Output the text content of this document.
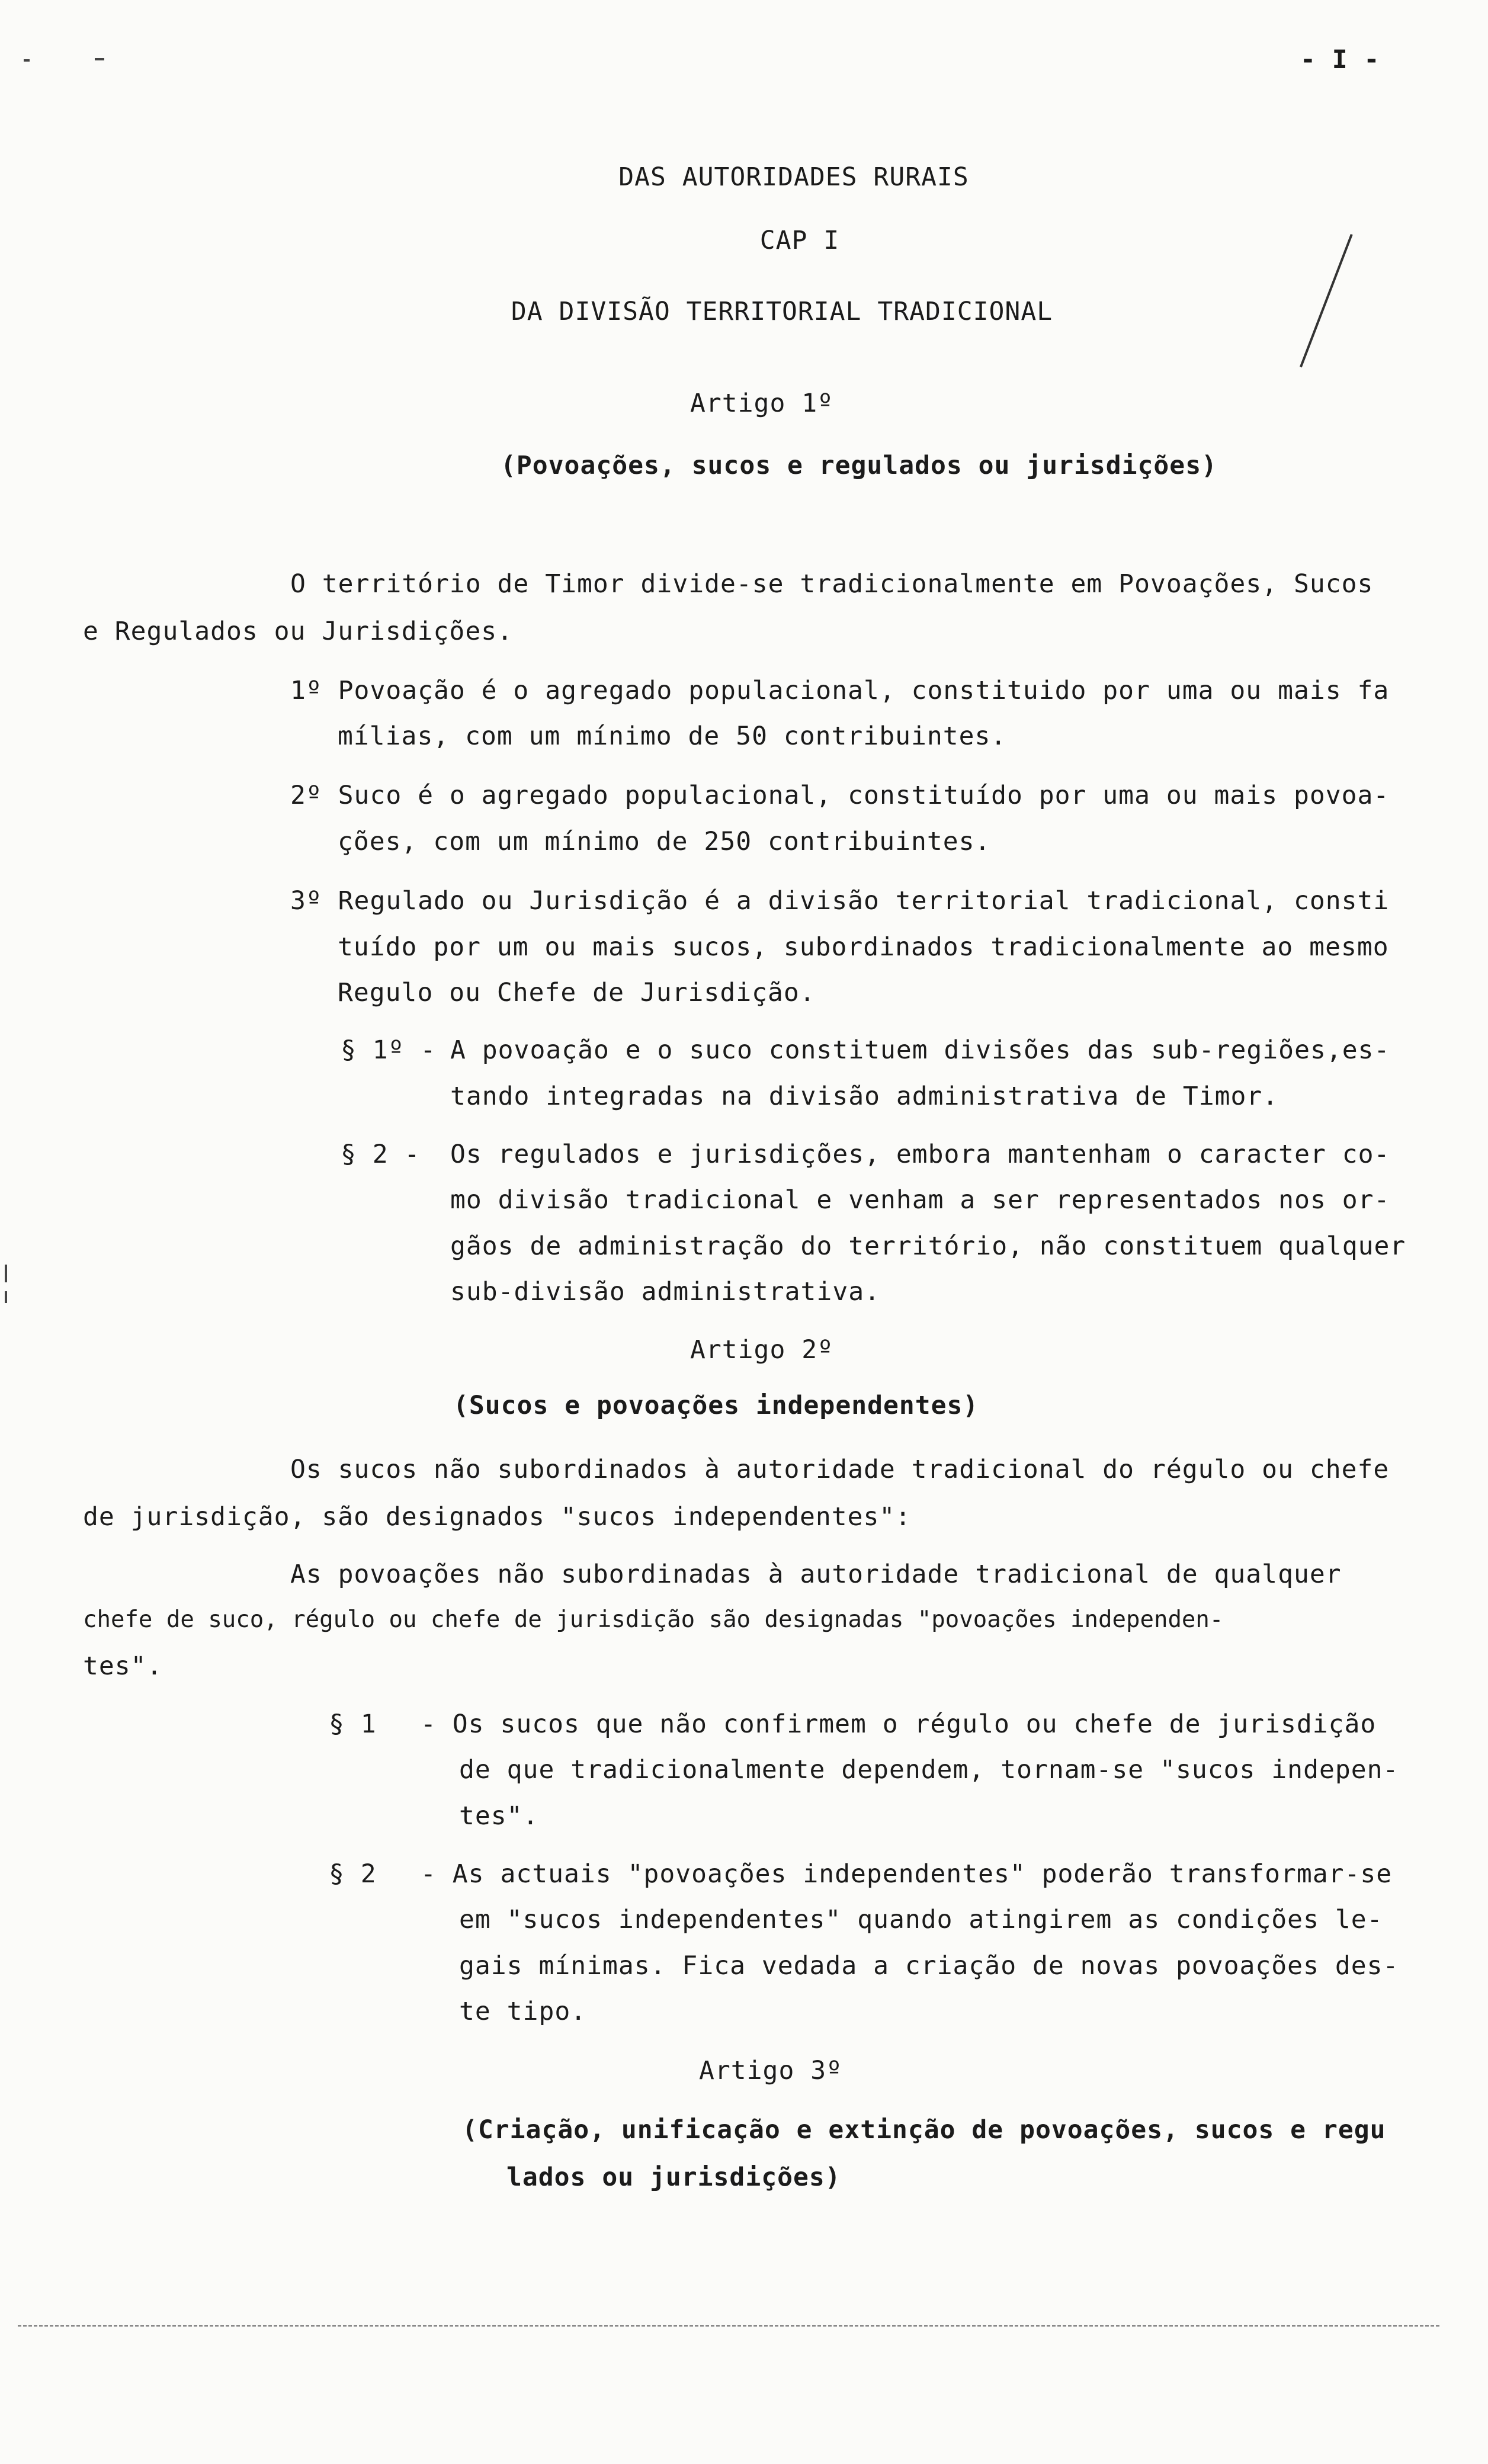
- I -
DAS AUTORIDADES RURAIS
CAP I
DA DIVISÃO TERRITORIAL TRADICIONAL
Artigo 1º
(Povoações, sucos e regulados ou jurisdições)
O território de Timor divide-se tradicionalmente em Povoações, Sucos
e Regulados ou Jurisdições.
1º Povoação é o agregado populacional, constituido por uma ou mais fa
mílias, com um mínimo de 50 contribuintes.
2º Suco é o agregado populacional, constituído por uma ou mais povoa-
ções, com um mínimo de 250 contribuintes.
3º Regulado ou Jurisdição é a divisão territorial tradicional, consti
tuído por um ou mais sucos, subordinados tradicionalmente ao mesmo
Regulo ou Chefe de Jurisdição.
§ 1º - A povoação e o suco constituem divisões das sub-regiões,es-
tando integradas na divisão administrativa de Timor.
§ 2 - Os regulados e jurisdições, embora mantenham o caracter co-
mo divisão tradicional e venham a ser representados nos or-
gãos de administração do território, não constituem qualquer
sub-divisão administrativa.
Artigo 2º
(Sucos e povoações independentes)
Os sucos não subordinados à autoridade tradicional do régulo ou chefe
de jurisdição, são designados "sucos independentes":
As povoações não subordinadas à autoridade tradicional de qualquer
chefe de suco, régulo ou chefe de jurisdição são designadas "povoações independen-
tes".
§ 1 - Os sucos que não confirmem o régulo ou chefe de jurisdição
de que tradicionalmente dependem, tornam-se "sucos indepen-
tes".
§ 2 - As actuais "povoações independentes" poderão transformar-se
em "sucos independentes" quando atingirem as condições le-
gais mínimas. Fica vedada a criação de novas povoações des-
te tipo.
Artigo 3º
(Criação, unificação e extinção de povoações, sucos e regu
lados ou jurisdições)
